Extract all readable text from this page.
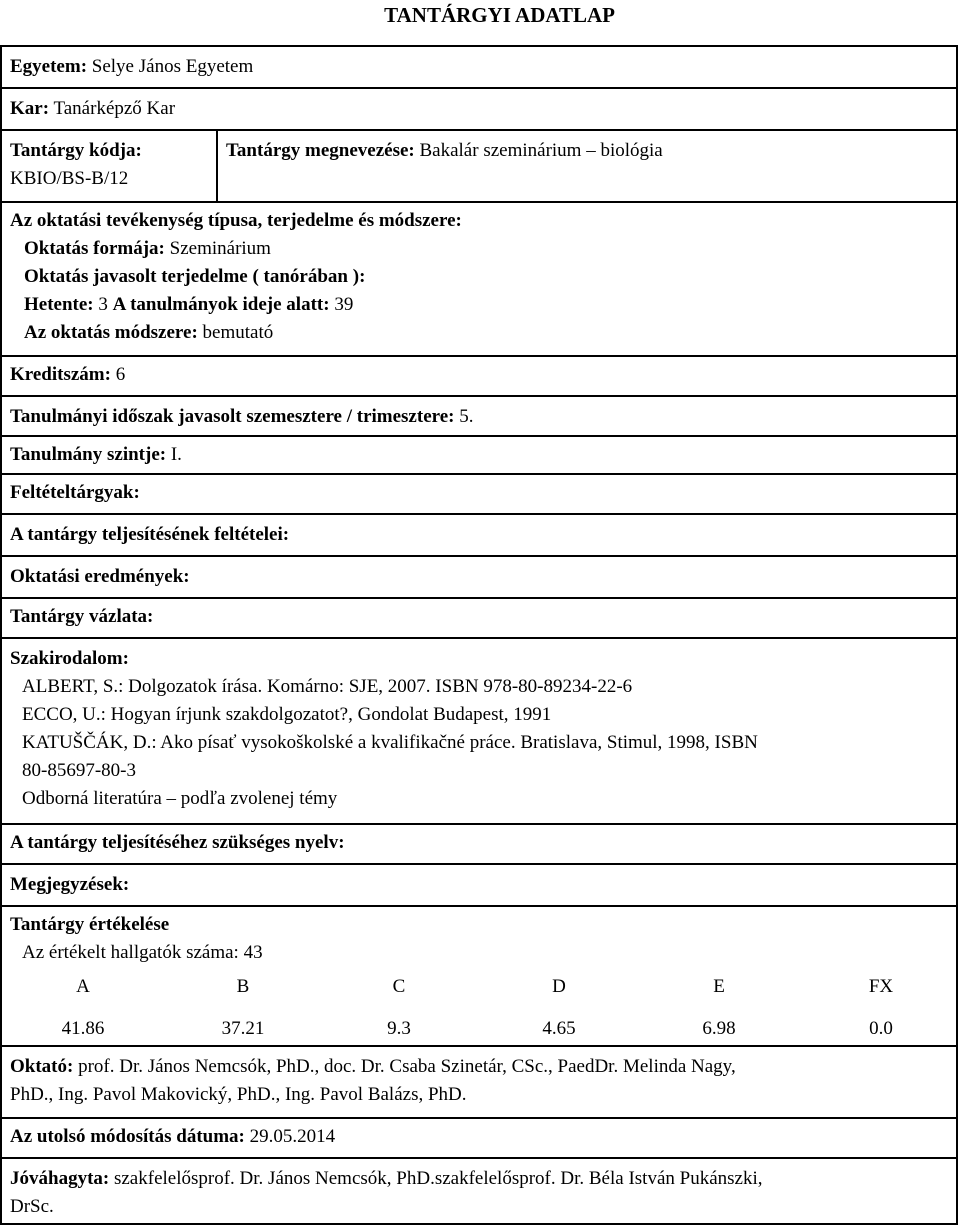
TANTÁRGYI ADATLAP
Egyetem: Selye János Egyetem
Kar: Tanárképző Kar
Tantárgy kódja:
KBIO/BS-B/12
Tantárgy megnevezése: Bakalár szeminárium – biológia
Az oktatási tevékenység típusa, terjedelme és módszere:
Oktatás formája: Szeminárium
Oktatás javasolt terjedelme ( tanórában ):
Hetente: 3 A tanulmányok ideje alatt: 39
Az oktatás módszere: bemutató
Kreditszám: 6
Tanulmányi időszak javasolt szemesztere / trimesztere: 5.
Tanulmány szintje: I.
Feltételtárgyak:
A tantárgy teljesítésének feltételei:
Oktatási eredmények:
Tantárgy vázlata:
Szakirodalom:
ALBERT, S.: Dolgozatok írása. Komárno: SJE, 2007. ISBN 978-80-89234-22-6
ECCO, U.: Hogyan írjunk szakdolgozatot?, Gondolat Budapest, 1991
KATUŠČÁK, D.: Ako písať vysokoškolské a kvalifikačné práce. Bratislava, Stimul, 1998, ISBN
80-85697-80-3
Odborná literatúra – podľa zvolenej témy
A tantárgy teljesítéséhez szükséges nyelv:
Megjegyzések:
Tantárgy értékelése
Az értékelt hallgatók száma: 43
A	B	C	D	E	FX
41.86	37.21	9.3	4.65	6.98	0.0
Oktató: prof. Dr. János Nemcsók, PhD., doc. Dr. Csaba Szinetár, CSc., PaedDr. Melinda Nagy,
PhD., Ing. Pavol Makovický, PhD., Ing. Pavol Balázs, PhD.
Az utolsó módosítás dátuma: 29.05.2014
Jóváhagyta: szakfelelősprof. Dr. János Nemcsók, PhD.szakfelelősprof. Dr. Béla István Pukánszki,
DrSc.
